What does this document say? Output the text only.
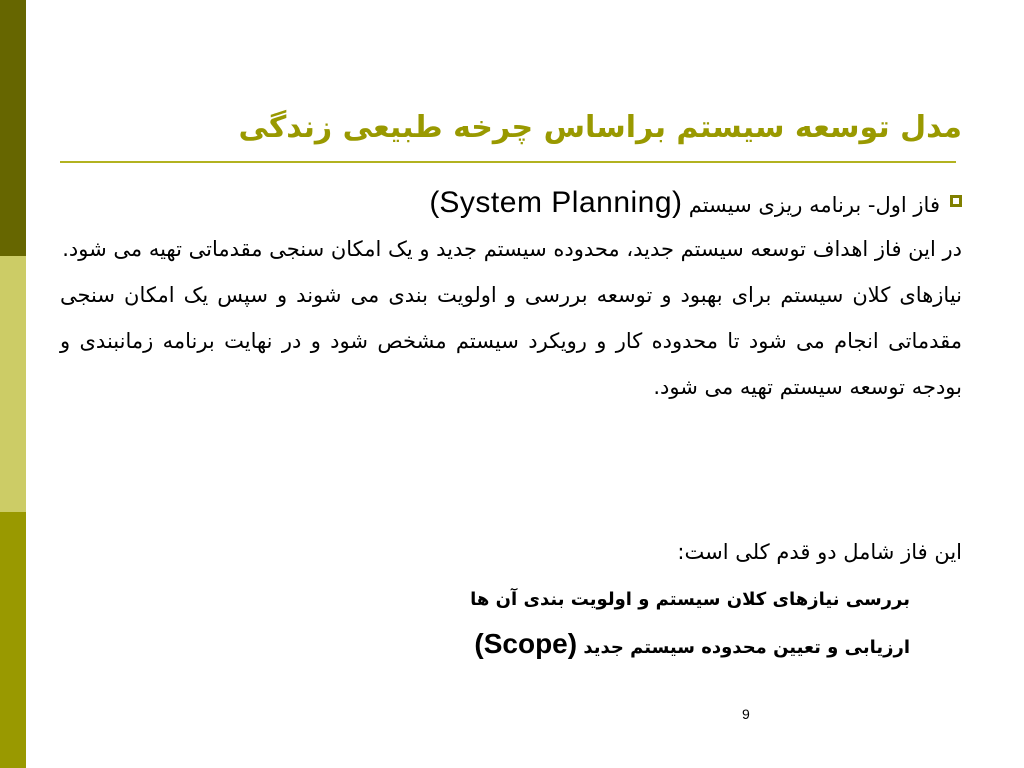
مدل توسعه سیستم براساس چرخه طبیعی زندگی
فاز اول- برنامه ریزی سیستم (System Planning)

در این فاز اهداف توسعه سیستم جدید، محدوده سیستم جدید و یک امکان سنجی مقدماتی تهیه می شود.

نیازهای کلان سیستم برای بهبود و توسعه بررسی و اولویت بندی می شوند و سپس یک امکان سنجی مقدماتی انجام می شود تا محدوده کار و رویکرد سیستم مشخص شود و در نهایت برنامه زمانبندی و بودجه توسعه سیستم تهیه می شود.

این فاز شامل دو قدم کلی است:
بررسی نیازهای کلان سیستم و اولویت بندی آن ها
ارزیابی و تعیین محدوده سیستم جدید (Scope)
9
